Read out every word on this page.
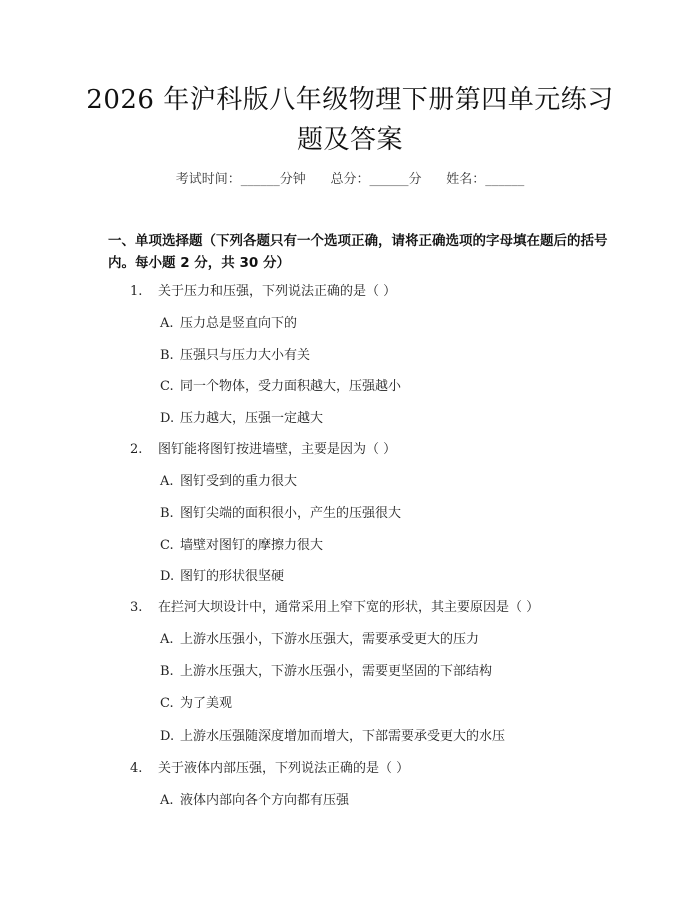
2026 年沪科版八年级物理下册第四单元练习题及答案
考试时间：______分钟      总分：______分      姓名：______
一、单项选择题（下列各题只有一个选项正确，请将正确选项的字母填在题后的括号内。每小题 2 分，共 30 分）
1. 关于压力和压强，下列说法正确的是（ ）
A. 压力总是竖直向下的
B. 压强只与压力大小有关
C. 同一个物体，受力面积越大，压强越小
D. 压力越大，压强一定越大
2. 图钉能将图钉按进墙壁，主要是因为（ ）
A. 图钉受到的重力很大
B. 图钉尖端的面积很小，产生的压强很大
C. 墙壁对图钉的摩擦力很大
D. 图钉的形状很坚硬
3. 在拦河大坝设计中，通常采用上窄下宽的形状，其主要原因是（ ）
A. 上游水压强小，下游水压强大，需要承受更大的压力
B. 上游水压强大，下游水压强小，需要更坚固的下部结构
C. 为了美观
D. 上游水压强随深度增加而增大，下部需要承受更大的水压
4. 关于液体内部压强，下列说法正确的是（ ）
A. 液体内部向各个方向都有压强
